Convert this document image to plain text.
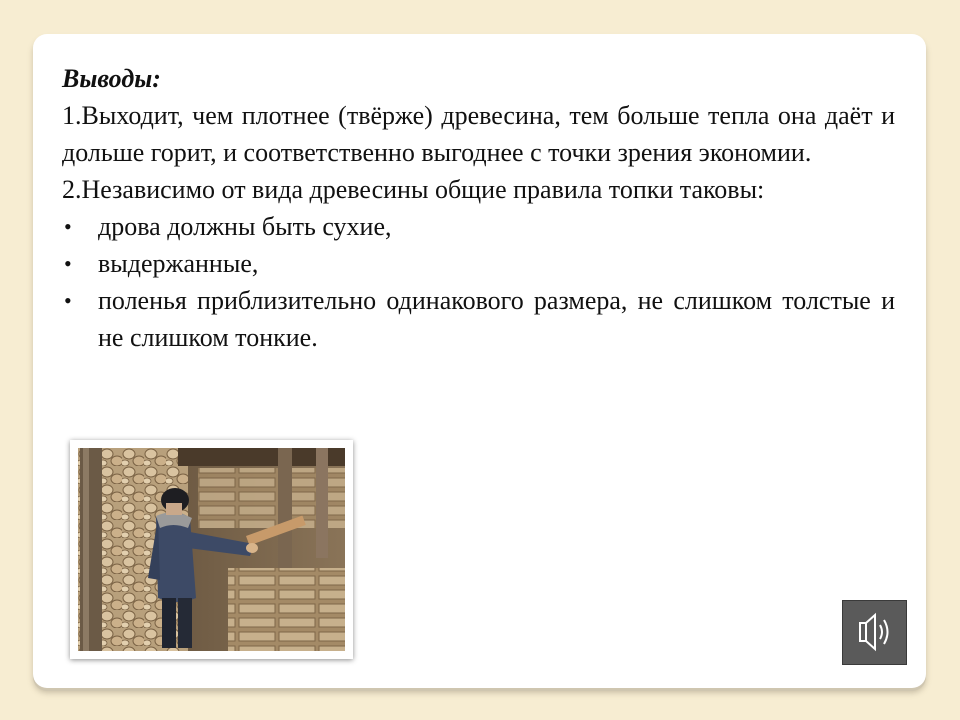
Выводы:

1.Выходит, чем плотнее (твёрже) древесина, тем больше тепла она даёт и дольше горит, и соответственно выгоднее с точки зрения экономии.

2.Независимо от вида древесины общие правила топки таковы:

• дрова должны быть сухие,
• выдержанные,
• поленья приблизительно одинакового размера, не слишком толстые и не слишком тонкие.
